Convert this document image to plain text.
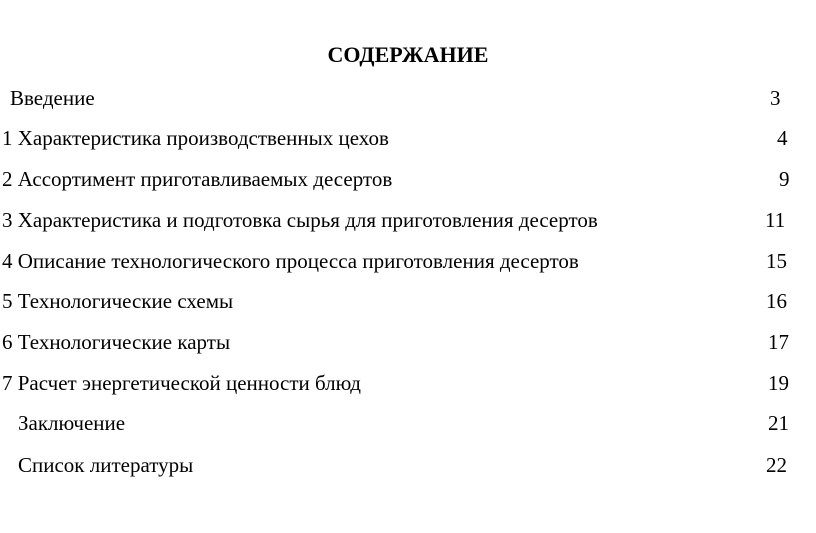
СОДЕРЖАНИЕ
Введение	3
1 Характеристика производственных цехов	4
2 Ассортимент приготавливаемых десертов	9
3 Характеристика и подготовка сырья для приготовления десертов	11
4 Описание технологического процесса приготовления десертов	15
5 Технологические схемы	16
6 Технологические карты	17
7 Расчет энергетической ценности блюд	19
Заключение	21
Список литературы	22
